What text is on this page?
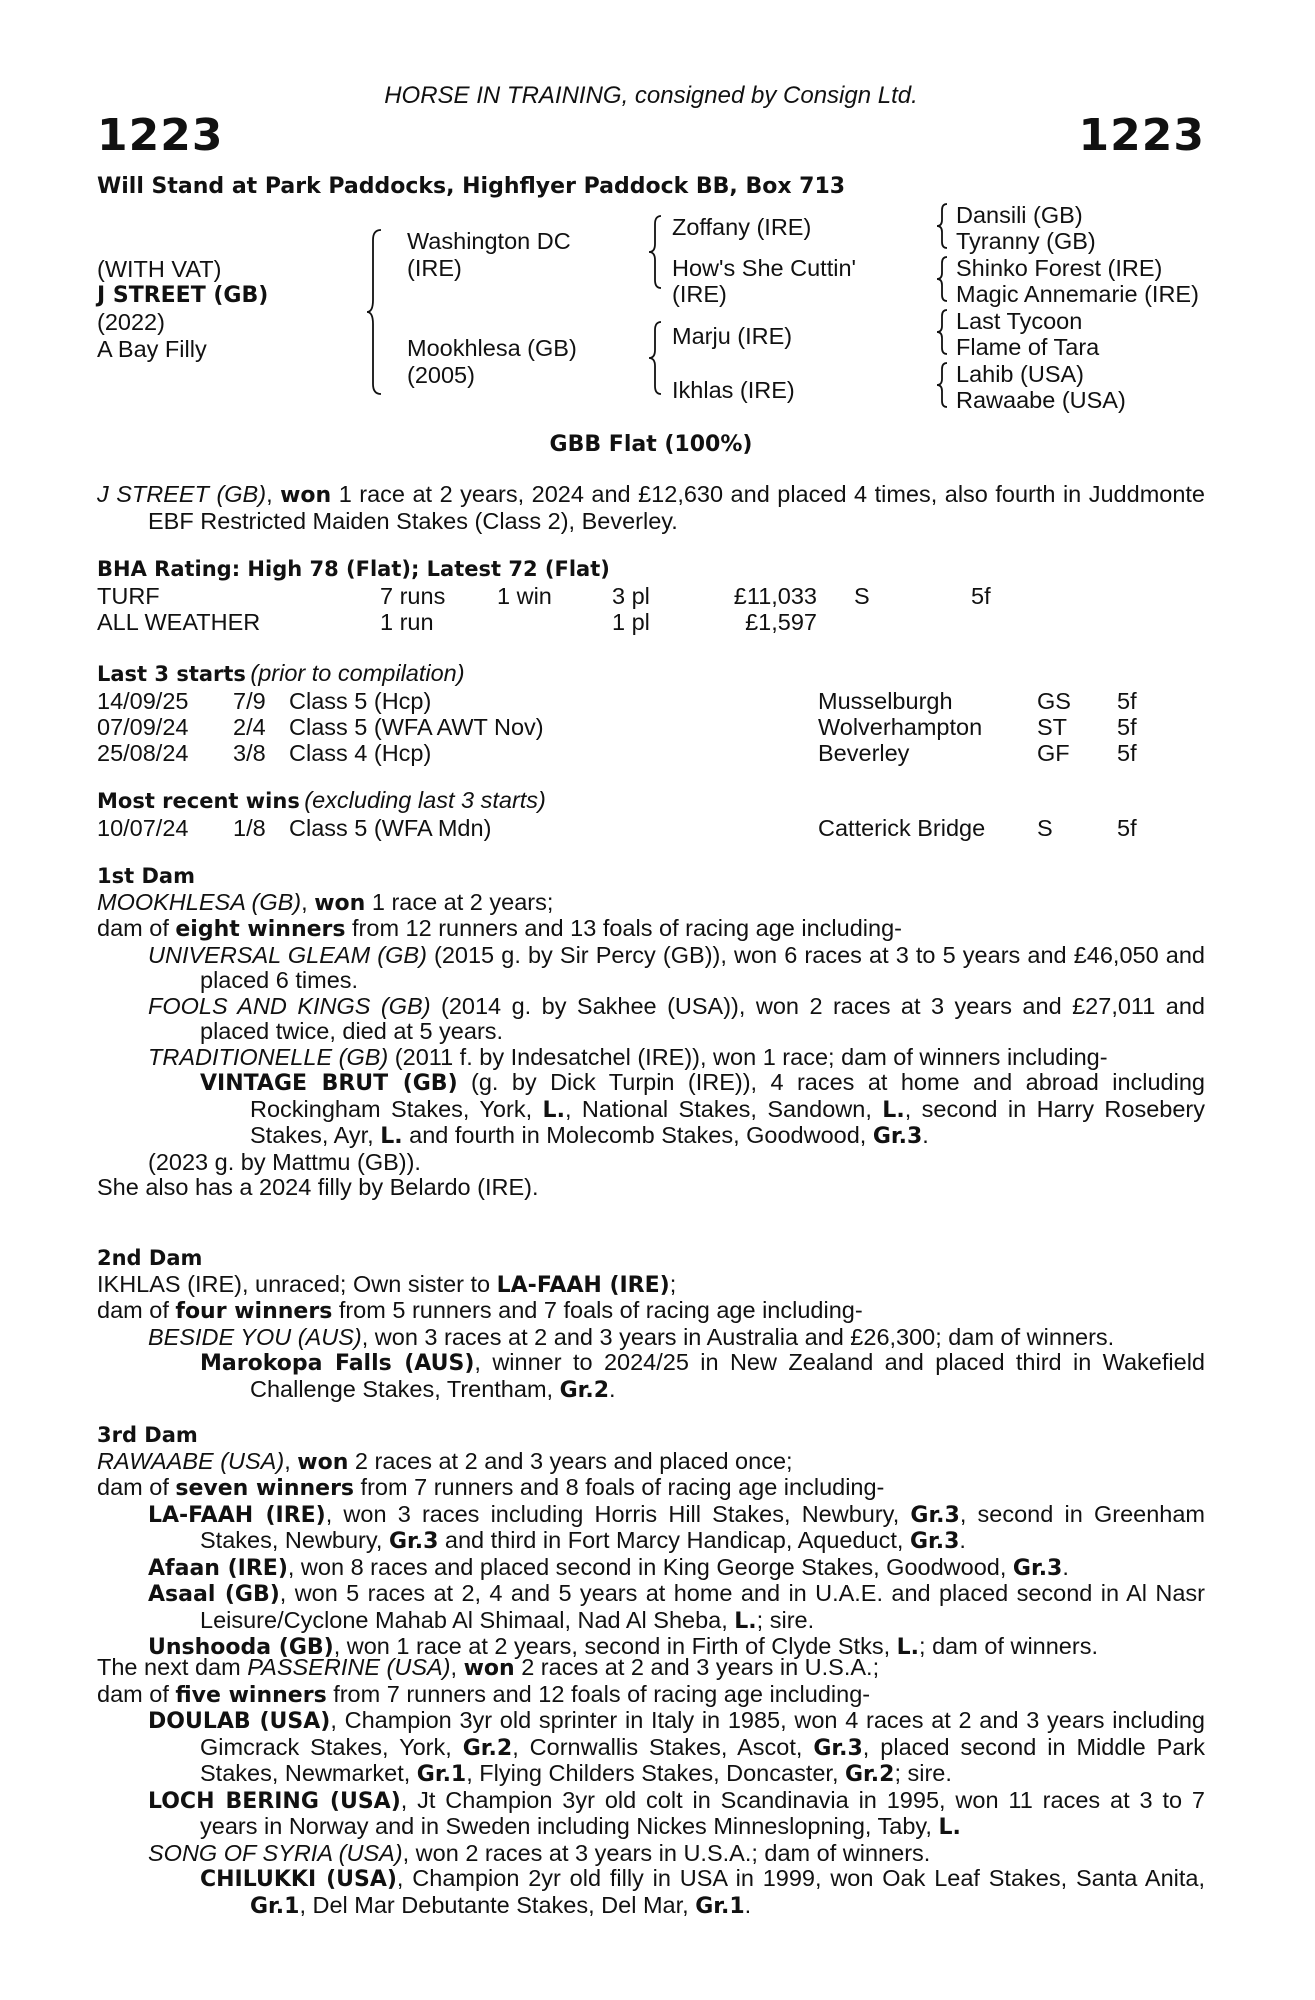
HORSE IN TRAINING, consigned by Consign Ltd.
1223	1223
Will Stand at Park Paddocks, Highflyer Paddock BB, Box 713
(WITH VAT)
J STREET (GB)
(2022)
A Bay Filly
Washington DC
(IRE)
Mookhlesa (GB)
(2005)
Zoffany (IRE)
How's She Cuttin'
(IRE)
Marju (IRE)
Ikhlas (IRE)
Dansili (GB)
Tyranny (GB)
Shinko Forest (IRE)
Magic Annemarie (IRE)
Last Tycoon
Flame of Tara
Lahib (USA)
Rawaabe (USA)
GBB Flat (100%)

J STREET (GB), won 1 race at 2 years, 2024 and £12,630 and placed 4 times, also fourth in Juddmonte EBF Restricted Maiden Stakes (Class 2), Beverley.

BHA Rating: High 78 (Flat); Latest 72 (Flat)
TURF	7 runs 1 win	3 pl	£11,033 S	5f
ALL WEATHER	1 run	1 pl	£1,597
Last 3 starts (prior to compilation)
14/09/25 7/9 Class 5 (Hcp)	Musselburgh	GS 5f
07/09/24 2/4 Class 5 (WFA AWT Nov)	Wolverhampton ST 5f
25/08/24 3/8 Class 4 (Hcp)	Beverley	GF 5f
Most recent wins (excluding last 3 starts)
10/07/24 1/8 Class 5 (WFA Mdn)	Catterick Bridge S	5f
1st Dam

MOOKHLESA (GB), won 1 race at 2 years;

dam of eight winners from 12 runners and 13 foals of racing age including-

UNIVERSAL GLEAM (GB) (2015 g. by Sir Percy (GB)), won 6 races at 3 to 5 years and £46,050 and placed 6 times.

FOOLS AND KINGS (GB) (2014 g. by Sakhee (USA)), won 2 races at 3 years and £27,011 and placed twice, died at 5 years.

TRADITIONELLE (GB) (2011 f. by Indesatchel (IRE)), won 1 race; dam of winners including-

VINTAGE BRUT (GB) (g. by Dick Turpin (IRE)), 4 races at home and abroad including Rockingham Stakes, York, L., National Stakes, Sandown, L., second in Harry Rosebery Stakes, Ayr, L. and fourth in Molecomb Stakes, Goodwood, Gr.3.

(2023 g. by Mattmu (GB)).

She also has a 2024 filly by Belardo (IRE).

2nd Dam

IKHLAS (IRE), unraced; Own sister to LA-FAAH (IRE);

dam of four winners from 5 runners and 7 foals of racing age including-

BESIDE YOU (AUS), won 3 races at 2 and 3 years in Australia and £26,300; dam of winners.

Marokopa Falls (AUS), winner to 2024/25 in New Zealand and placed third in Wakefield Challenge Stakes, Trentham, Gr.2.

3rd Dam

RAWAABE (USA), won 2 races at 2 and 3 years and placed once;

dam of seven winners from 7 runners and 8 foals of racing age including-

LA-FAAH (IRE), won 3 races including Horris Hill Stakes, Newbury, Gr.3, second in Greenham Stakes, Newbury, Gr.3 and third in Fort Marcy Handicap, Aqueduct, Gr.3.

Afaan (IRE), won 8 races and placed second in King George Stakes, Goodwood, Gr.3.

Asaal (GB), won 5 races at 2, 4 and 5 years at home and in U.A.E. and placed second in Al Nasr Leisure/Cyclone Mahab Al Shimaal, Nad Al Sheba, L.; sire.

Unshooda (GB), won 1 race at 2 years, second in Firth of Clyde Stks, L.; dam of winners.

The next dam PASSERINE (USA), won 2 races at 2 and 3 years in U.S.A.;

dam of five winners from 7 runners and 12 foals of racing age including-

DOULAB (USA), Champion 3yr old sprinter in Italy in 1985, won 4 races at 2 and 3 years including Gimcrack Stakes, York, Gr.2, Cornwallis Stakes, Ascot, Gr.3, placed second in Middle Park Stakes, Newmarket, Gr.1, Flying Childers Stakes, Doncaster, Gr.2; sire.

LOCH BERING (USA), Jt Champion 3yr old colt in Scandinavia in 1995, won 11 races at 3 to 7 years in Norway and in Sweden including Nickes Minneslopning, Taby, L.

SONG OF SYRIA (USA), won 2 races at 3 years in U.S.A.; dam of winners.

CHILUKKI (USA), Champion 2yr old filly in USA in 1999, won Oak Leaf Stakes, Santa Anita, Gr.1, Del Mar Debutante Stakes, Del Mar, Gr.1.
